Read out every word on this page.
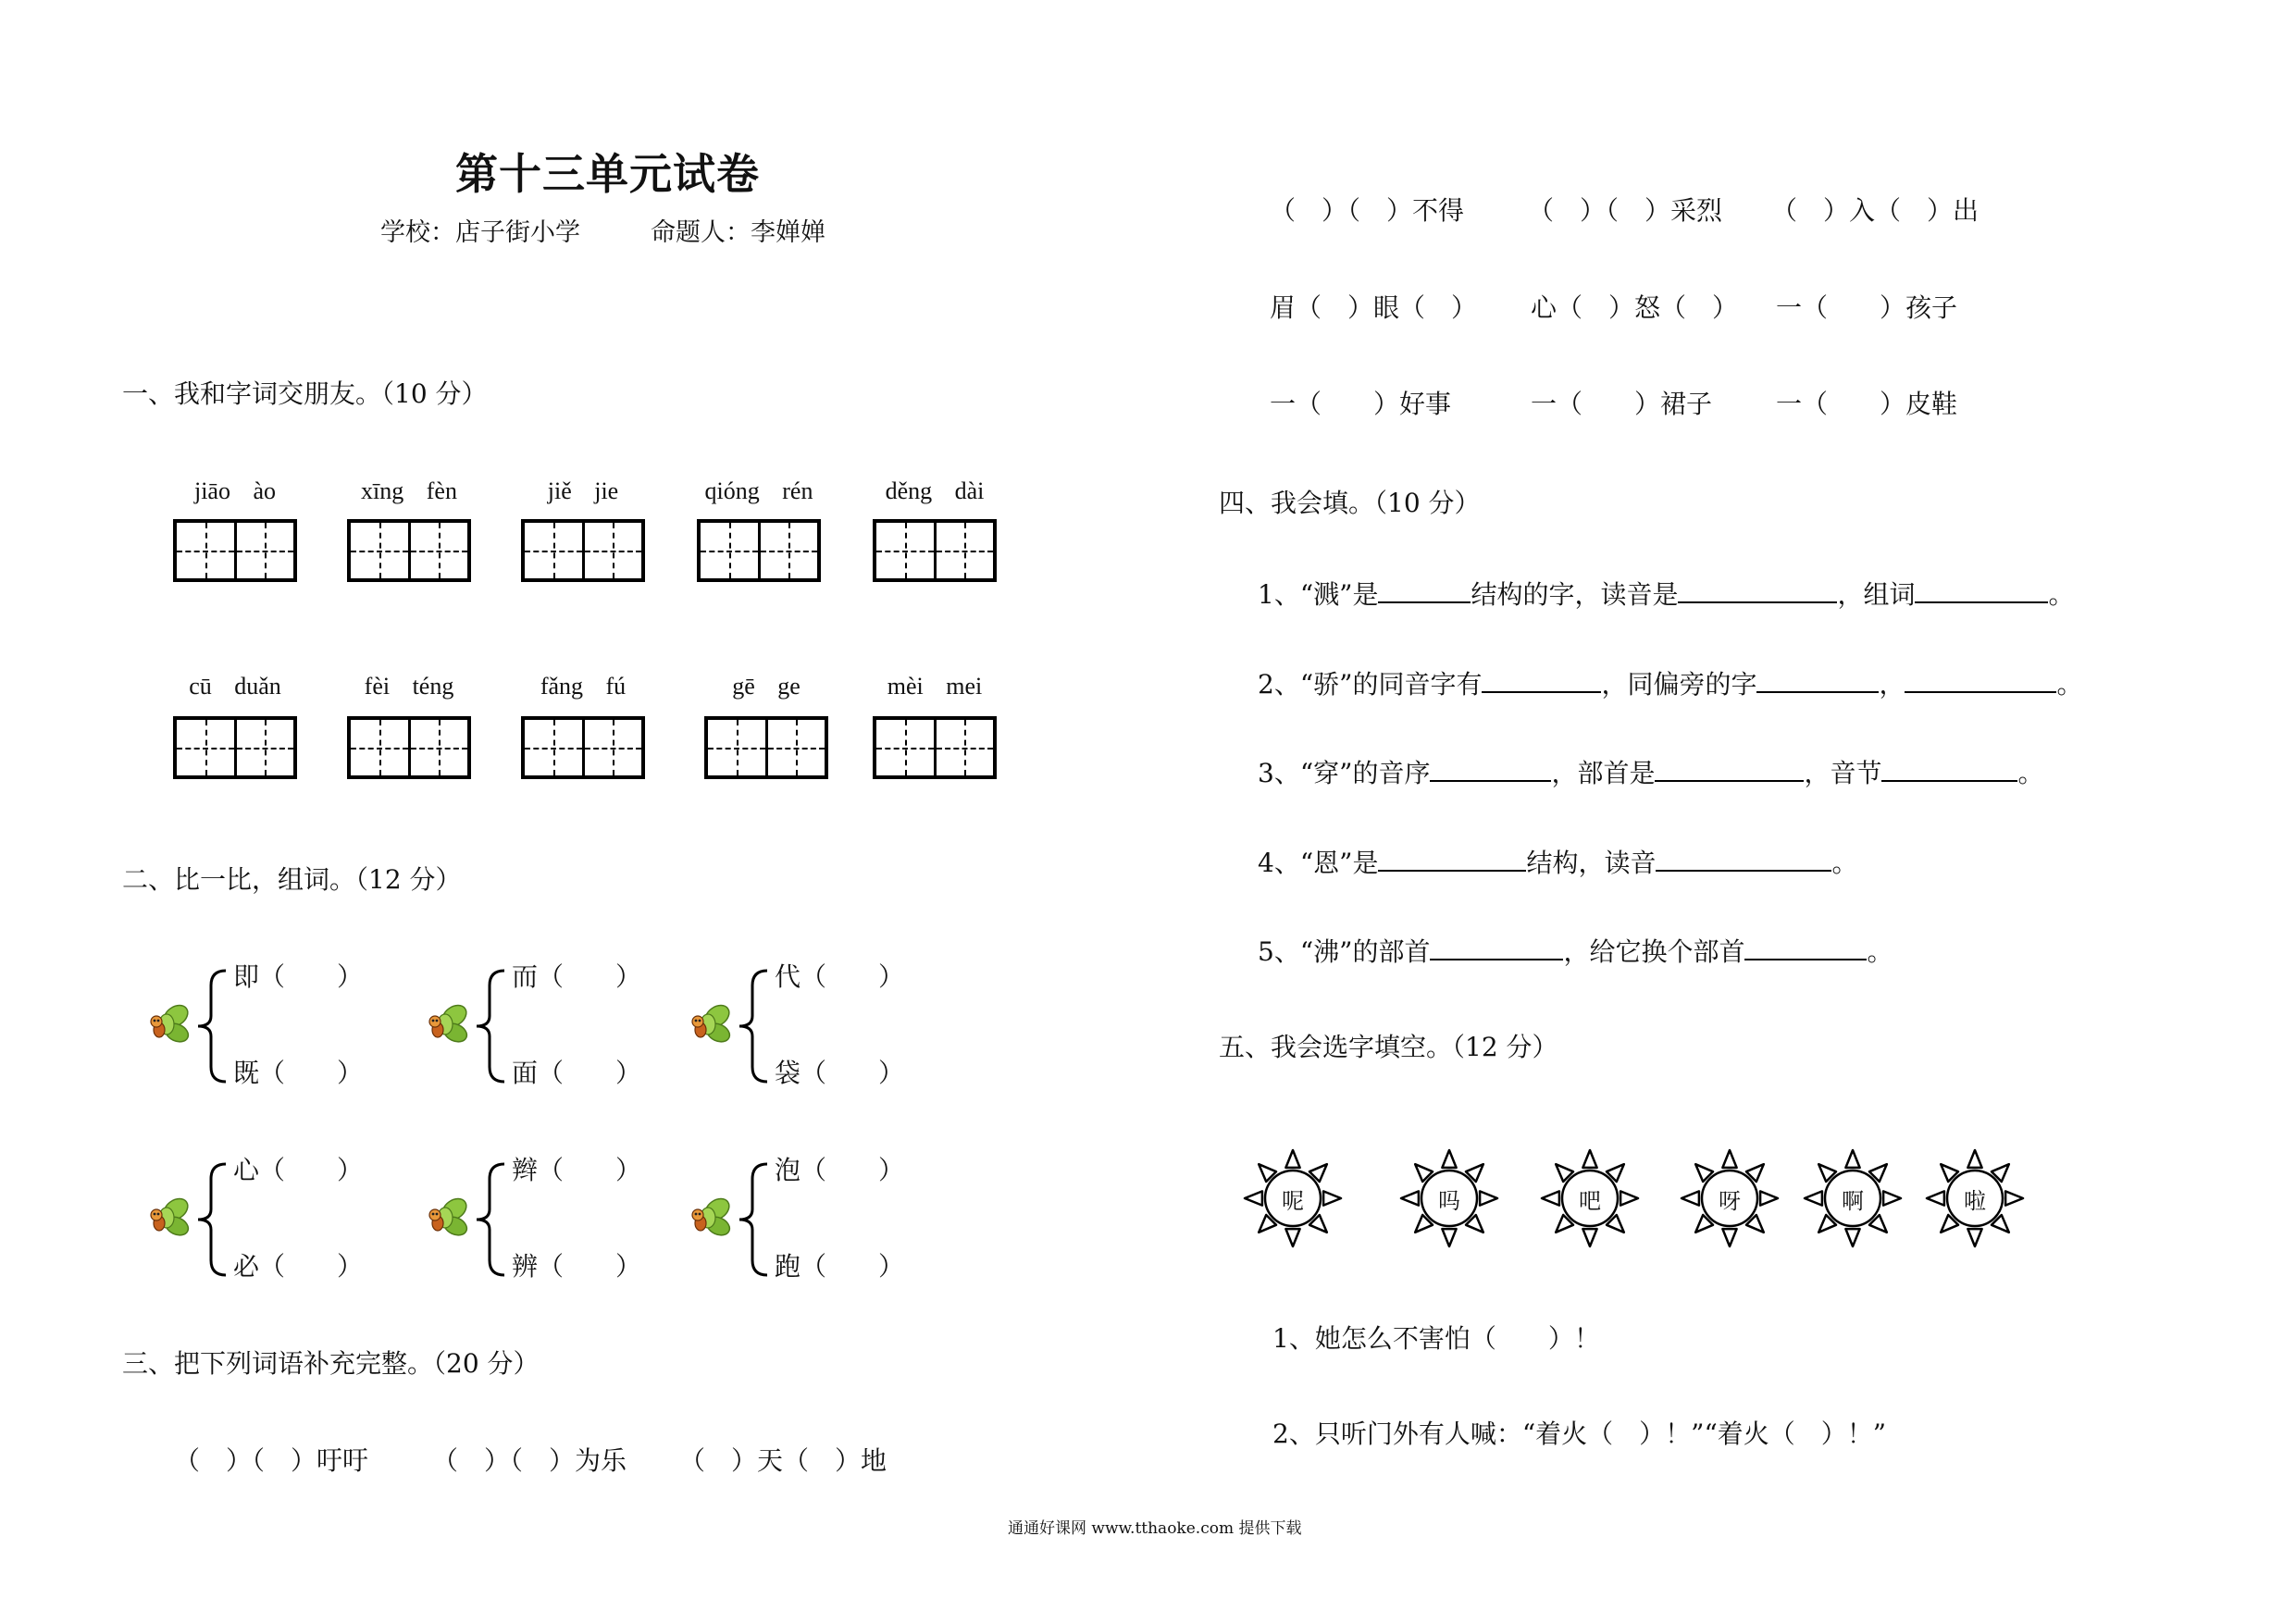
第十三单元试卷
学校：店子街小学	命题人：李婵婵
一、我和字词交朋友。（10 分）
jiāo ào	xīng fèn	jiě jie	qióng rén	děng dài
cū duǎn	fèi téng	fǎng fú	gē ge	mèi mei
二、比一比，组词。（12 分）
即（　　）
既（　　）
而（　　）
面（　　）
代（　　）
袋（　　）
心（　　）
必（　　）
辫（　　）
辨（　　）
泡（　　）
跑（　　）
三、把下列词语补充完整。（20 分）
（　）（　）吁吁 （　）（　）为乐 （　）天（　）地
（　）（　）不得 （　）（　）采烈 （　）入（　）出
眉（　）眼（　） 心（　）怒（　） 一（　　）孩子
一（　　）好事	一（　　）裙子 一（　　）皮鞋
四、我会填。（10 分）
1、“溅”是	结构的字，读音是	，组词	。
2、“骄”的同音字有	，同偏旁的字	，	。
3、“穿”的音序	，部首是	，音节	。
4、“恩”是	结构，读音	。
5、“沸”的部首	，给它换个部首	。
五、我会选字填空。（12 分）
呢	吗	吧	呀	啊	啦
1、她怎么不害怕（　　）！
2、只听门外有人喊：“着火（　）！”“着火（　）！”
通通好课网 www.tthaoke.com 提供下载
